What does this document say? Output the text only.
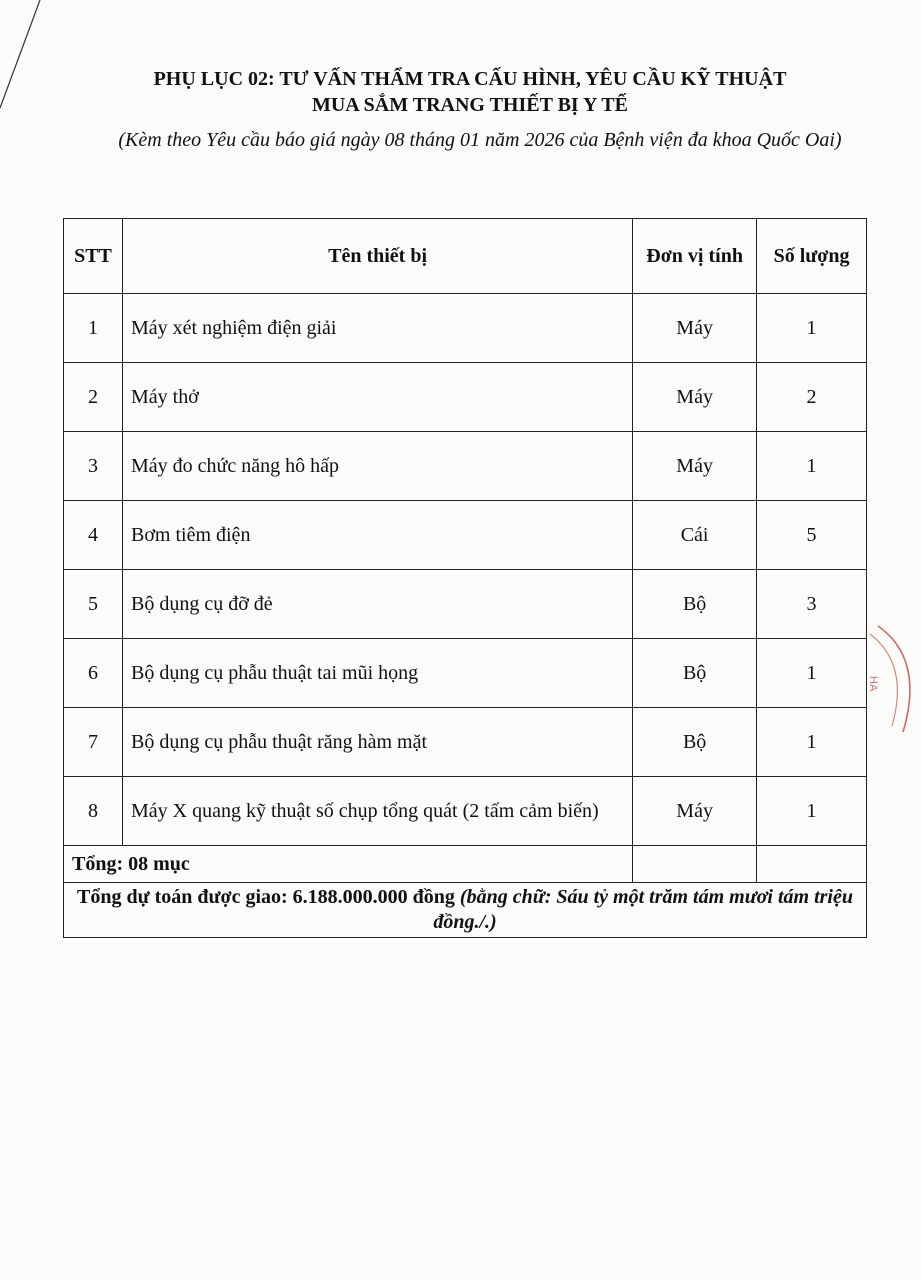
PHỤ LỤC 02: TƯ VẤN THẨM TRA CẤU HÌNH, YÊU CẦU KỸ THUẬT
MUA SẮM TRANG THIẾT BỊ Y TẾ
(Kèm theo Yêu cầu báo giá ngày 08 tháng 01 năm 2026 của Bệnh viện đa khoa Quốc Oai)
STT	Tên thiết bị	Đơn vị tính	Số lượng
1	Máy xét nghiệm điện giải	Máy	1
2	Máy thở	Máy	2
3	Máy đo chức năng hô hấp	Máy	1
4	Bơm tiêm điện	Cái	5
5	Bộ dụng cụ đỡ đẻ	Bộ	3
6	Bộ dụng cụ phẫu thuật tai mũi họng	Bộ	1
7	Bộ dụng cụ phẫu thuật răng hàm mặt	Bộ	1
8	Máy X quang kỹ thuật số chụp tổng quát (2 tấm cảm biến)	Máy	1
Tổng: 08 mục			
Tổng dự toán được giao: 6.188.000.000 đồng (bằng chữ: Sáu tỷ một trăm tám mươi tám triệu đồng./.)			
HA
